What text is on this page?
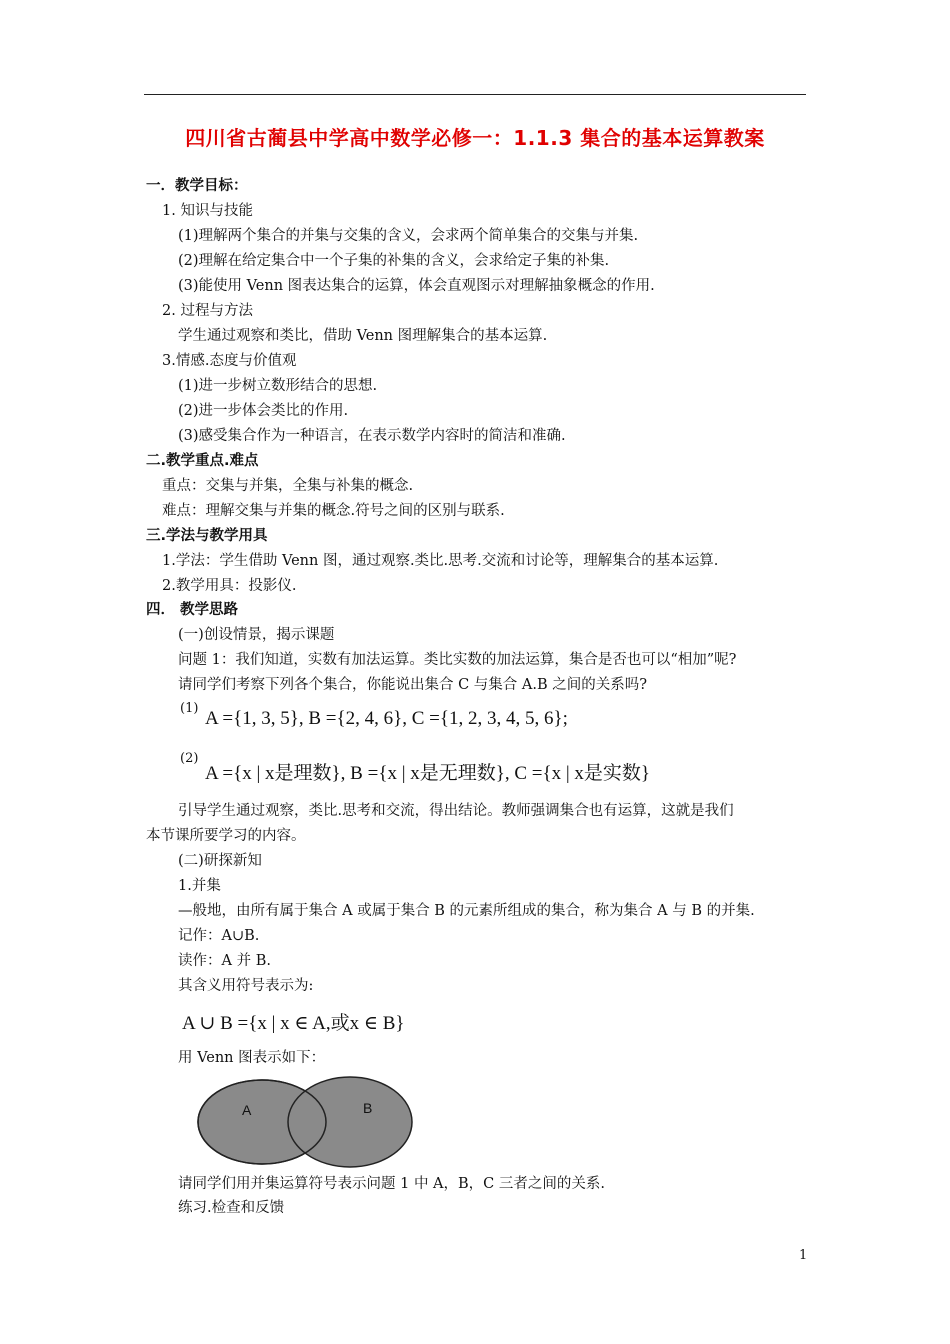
四川省古蔺县中学高中数学必修一：1.1.3 集合的基本运算教案
一．教学目标：
1. 知识与技能
(1)理解两个集合的并集与交集的含义，会求两个简单集合的交集与并集.
(2)理解在给定集合中一个子集的补集的含义，会求给定子集的补集.
(3)能使用 Venn 图表达集合的运算，体会直观图示对理解抽象概念的作用.
2. 过程与方法
学生通过观察和类比，借助 Venn 图理解集合的基本运算.
3.情感.态度与价值观
(1)进一步树立数形结合的思想.
(2)进一步体会类比的作用.
(3)感受集合作为一种语言，在表示数学内容时的简洁和准确.
二.教学重点.难点
重点：交集与并集，全集与补集的概念.
难点：理解交集与并集的概念.符号之间的区别与联系.
三.学法与教学用具
1.学法：学生借助 Venn 图，通过观察.类比.思考.交流和讨论等，理解集合的基本运算.
2.教学用具：投影仪.
四． 教学思路
(一)创设情景，揭示课题
问题 1：我们知道，实数有加法运算。类比实数的加法运算，集合是否也可以“相加”呢?
请同学们考察下列各个集合，你能说出集合 C 与集合 A.B 之间的关系吗?
(1) A ={1, 3, 5}, B ={2, 4, 6}, C ={1, 2, 3, 4, 5, 6};
(2)
A ={x | x是理数}, B ={x | x是无理数}, C ={x | x是实数}
引导学生通过观察，类比.思考和交流，得出结论。教师强调集合也有运算，这就是我们
本节课所要学习的内容。
(二)研探新知
1.并集
—般地，由所有属于集合 A 或属于集合 B 的元素所组成的集合，称为集合 A 与 B 的并集.
记作：A∪B.
读作：A 并 B.
其含义用符号表示为:
A ∪ B ={x | x ∈ A,或x ∈ B}
用 Venn 图表示如下：
A	B
请同学们用并集运算符号表示问题 1 中 A，B，C 三者之间的关系.
练习.检查和反馈
1
